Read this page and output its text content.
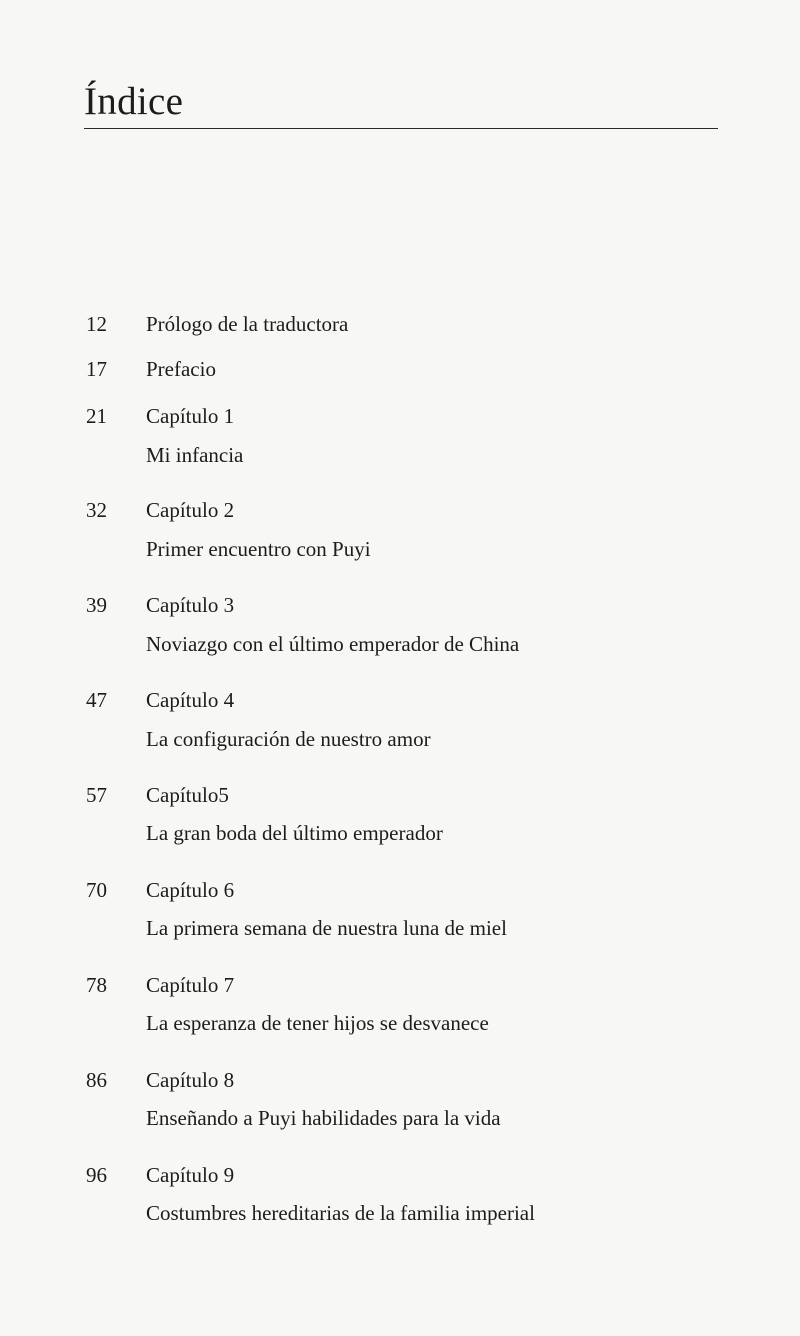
Índice
12	Prólogo de la traductora
17	Prefacio
21	Capítulo 1
Mi infancia
32	Capítulo 2
Primer encuentro con Puyi
39	Capítulo 3
Noviazgo con el último emperador de China
47	Capítulo 4
La configuración de nuestro amor
57	Capítulo5
La gran boda del último emperador
70	Capítulo 6
La primera semana de nuestra luna de miel
78	Capítulo 7
La esperanza de tener hijos se desvanece
86	Capítulo 8
Enseñando a Puyi habilidades para la vida
96	Capítulo 9
Costumbres hereditarias de la familia imperial
